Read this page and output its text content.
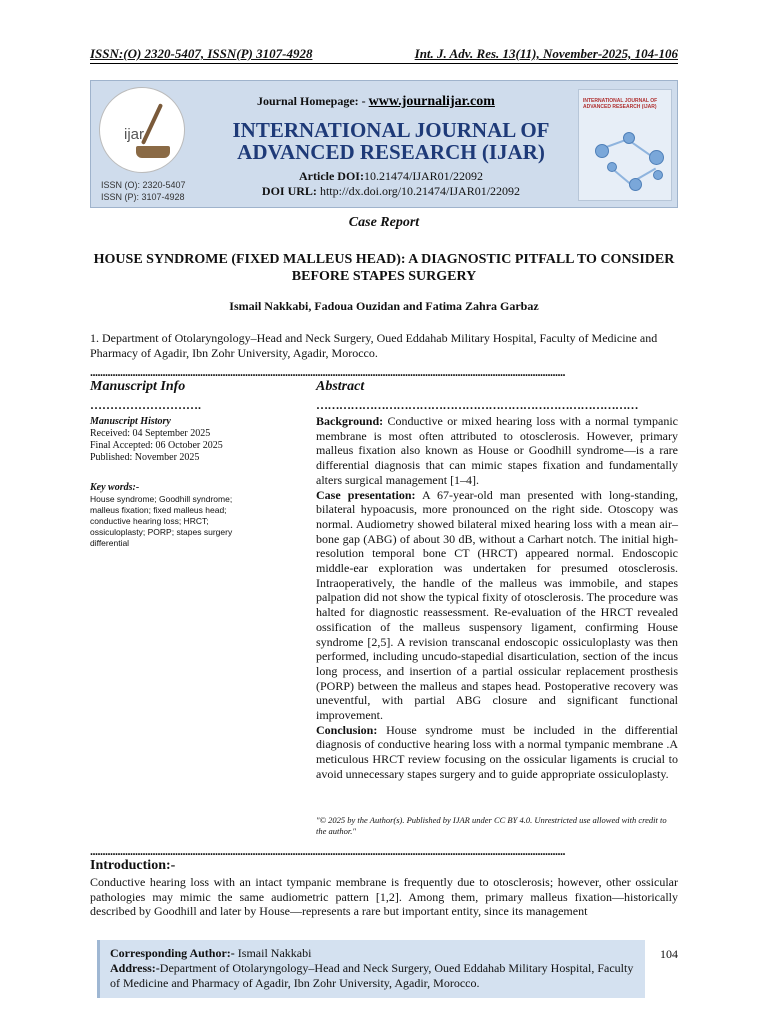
ISSN:(O) 2320-5407, ISSN(P) 3107-4928	Int. J. Adv. Res. 13(11), November-2025, 104-106
ijar
ISSN (O): 2320-5407
ISSN (P): 3107-4928
Journal Homepage: - www.journalijar.com
INTERNATIONAL JOURNAL OF
ADVANCED RESEARCH (IJAR)
Article DOI:10.21474/IJAR01/22092
DOI URL: http://dx.doi.org/10.21474/IJAR01/22092
INTERNATIONAL JOURNAL OF ADVANCED RESEARCH (IJAR)
Case Report
HOUSE SYNDROME (FIXED MALLEUS HEAD): A DIAGNOSTIC PITFALL TO CONSIDER BEFORE STAPES SURGERY
Ismail Nakkabi, Fadoua Ouzidan and Fatima Zahra Garbaz
1. Department of Otolaryngology–Head and Neck Surgery, Oued Eddahab Military Hospital, Faculty of Medicine and Pharmacy of Agadir, Ibn Zohr University, Agadir, Morocco.
..............................................................................................................................................................................................
Manuscript Info
……………………….
Manuscript History
Received: 04 September 2025
Final Accepted: 06 October 2025
Published: November 2025
Key words:-
House syndrome; Goodhill syndrome; malleus fixation; fixed malleus head; conductive hearing loss; HRCT; ossiculoplasty; PORP; stapes surgery differential
Abstract
…………………………………………………………………………

Background: Conductive or mixed hearing loss with a normal tympanic membrane is most often attributed to otosclerosis. However, primary malleus fixation also known as House or Goodhill syndrome—is a rare differential diagnosis that can mimic stapes fixation and fundamentally alters surgical management [1–4].

Case presentation: A 67-year-old man presented with long-standing, bilateral hypoacusis, more pronounced on the right side. Otoscopy was normal. Audiometry showed bilateral mixed hearing loss with a mean air–bone gap (ABG) of about 30 dB, without a Carhart notch. The initial high-resolution temporal bone CT (HRCT) appeared normal. Endoscopic middle-ear exploration was undertaken for presumed otosclerosis. Intraoperatively, the handle of the malleus was immobile, and stapes palpation did not show the typical fixity of otosclerosis. The procedure was halted for diagnostic reassessment. Re-evaluation of the HRCT revealed ossification of the malleus suspensory ligament, confirming House syndrome [2,5]. A revision transcanal endoscopic ossiculoplasty was then performed, including uncudo-stapedial disarticulation, section of the incus long process, and insertion of a partial ossicular replacement prosthesis (PORP) between the malleus and stapes head. Postoperative recovery was uneventful, with partial ABG closure and significant functional improvement.

Conclusion: House syndrome must be included in the differential diagnosis of conductive hearing loss with a normal tympanic membrane .A meticulous HRCT review focusing on the ossicular ligaments is crucial to avoid unnecessary stapes surgery and to guide appropriate ossiculoplasty.

"© 2025 by the Author(s). Published by IJAR under CC BY 4.0. Unrestricted use allowed with credit to the author."
..............................................................................................................................................................................................
Introduction:-
Conductive hearing loss with an intact tympanic membrane is frequently due to otosclerosis; however, other ossicular pathologies may mimic the same audiometric pattern [1,2]. Among them, primary malleus fixation—historically described by Goodhill and later by House—represents a rare but important entity, since its management
Corresponding Author:- Ismail Nakkabi
Address:-Department of Otolaryngology–Head and Neck Surgery, Oued Eddahab Military Hospital, Faculty of Medicine and Pharmacy of Agadir, Ibn Zohr University, Agadir, Morocco.
104
